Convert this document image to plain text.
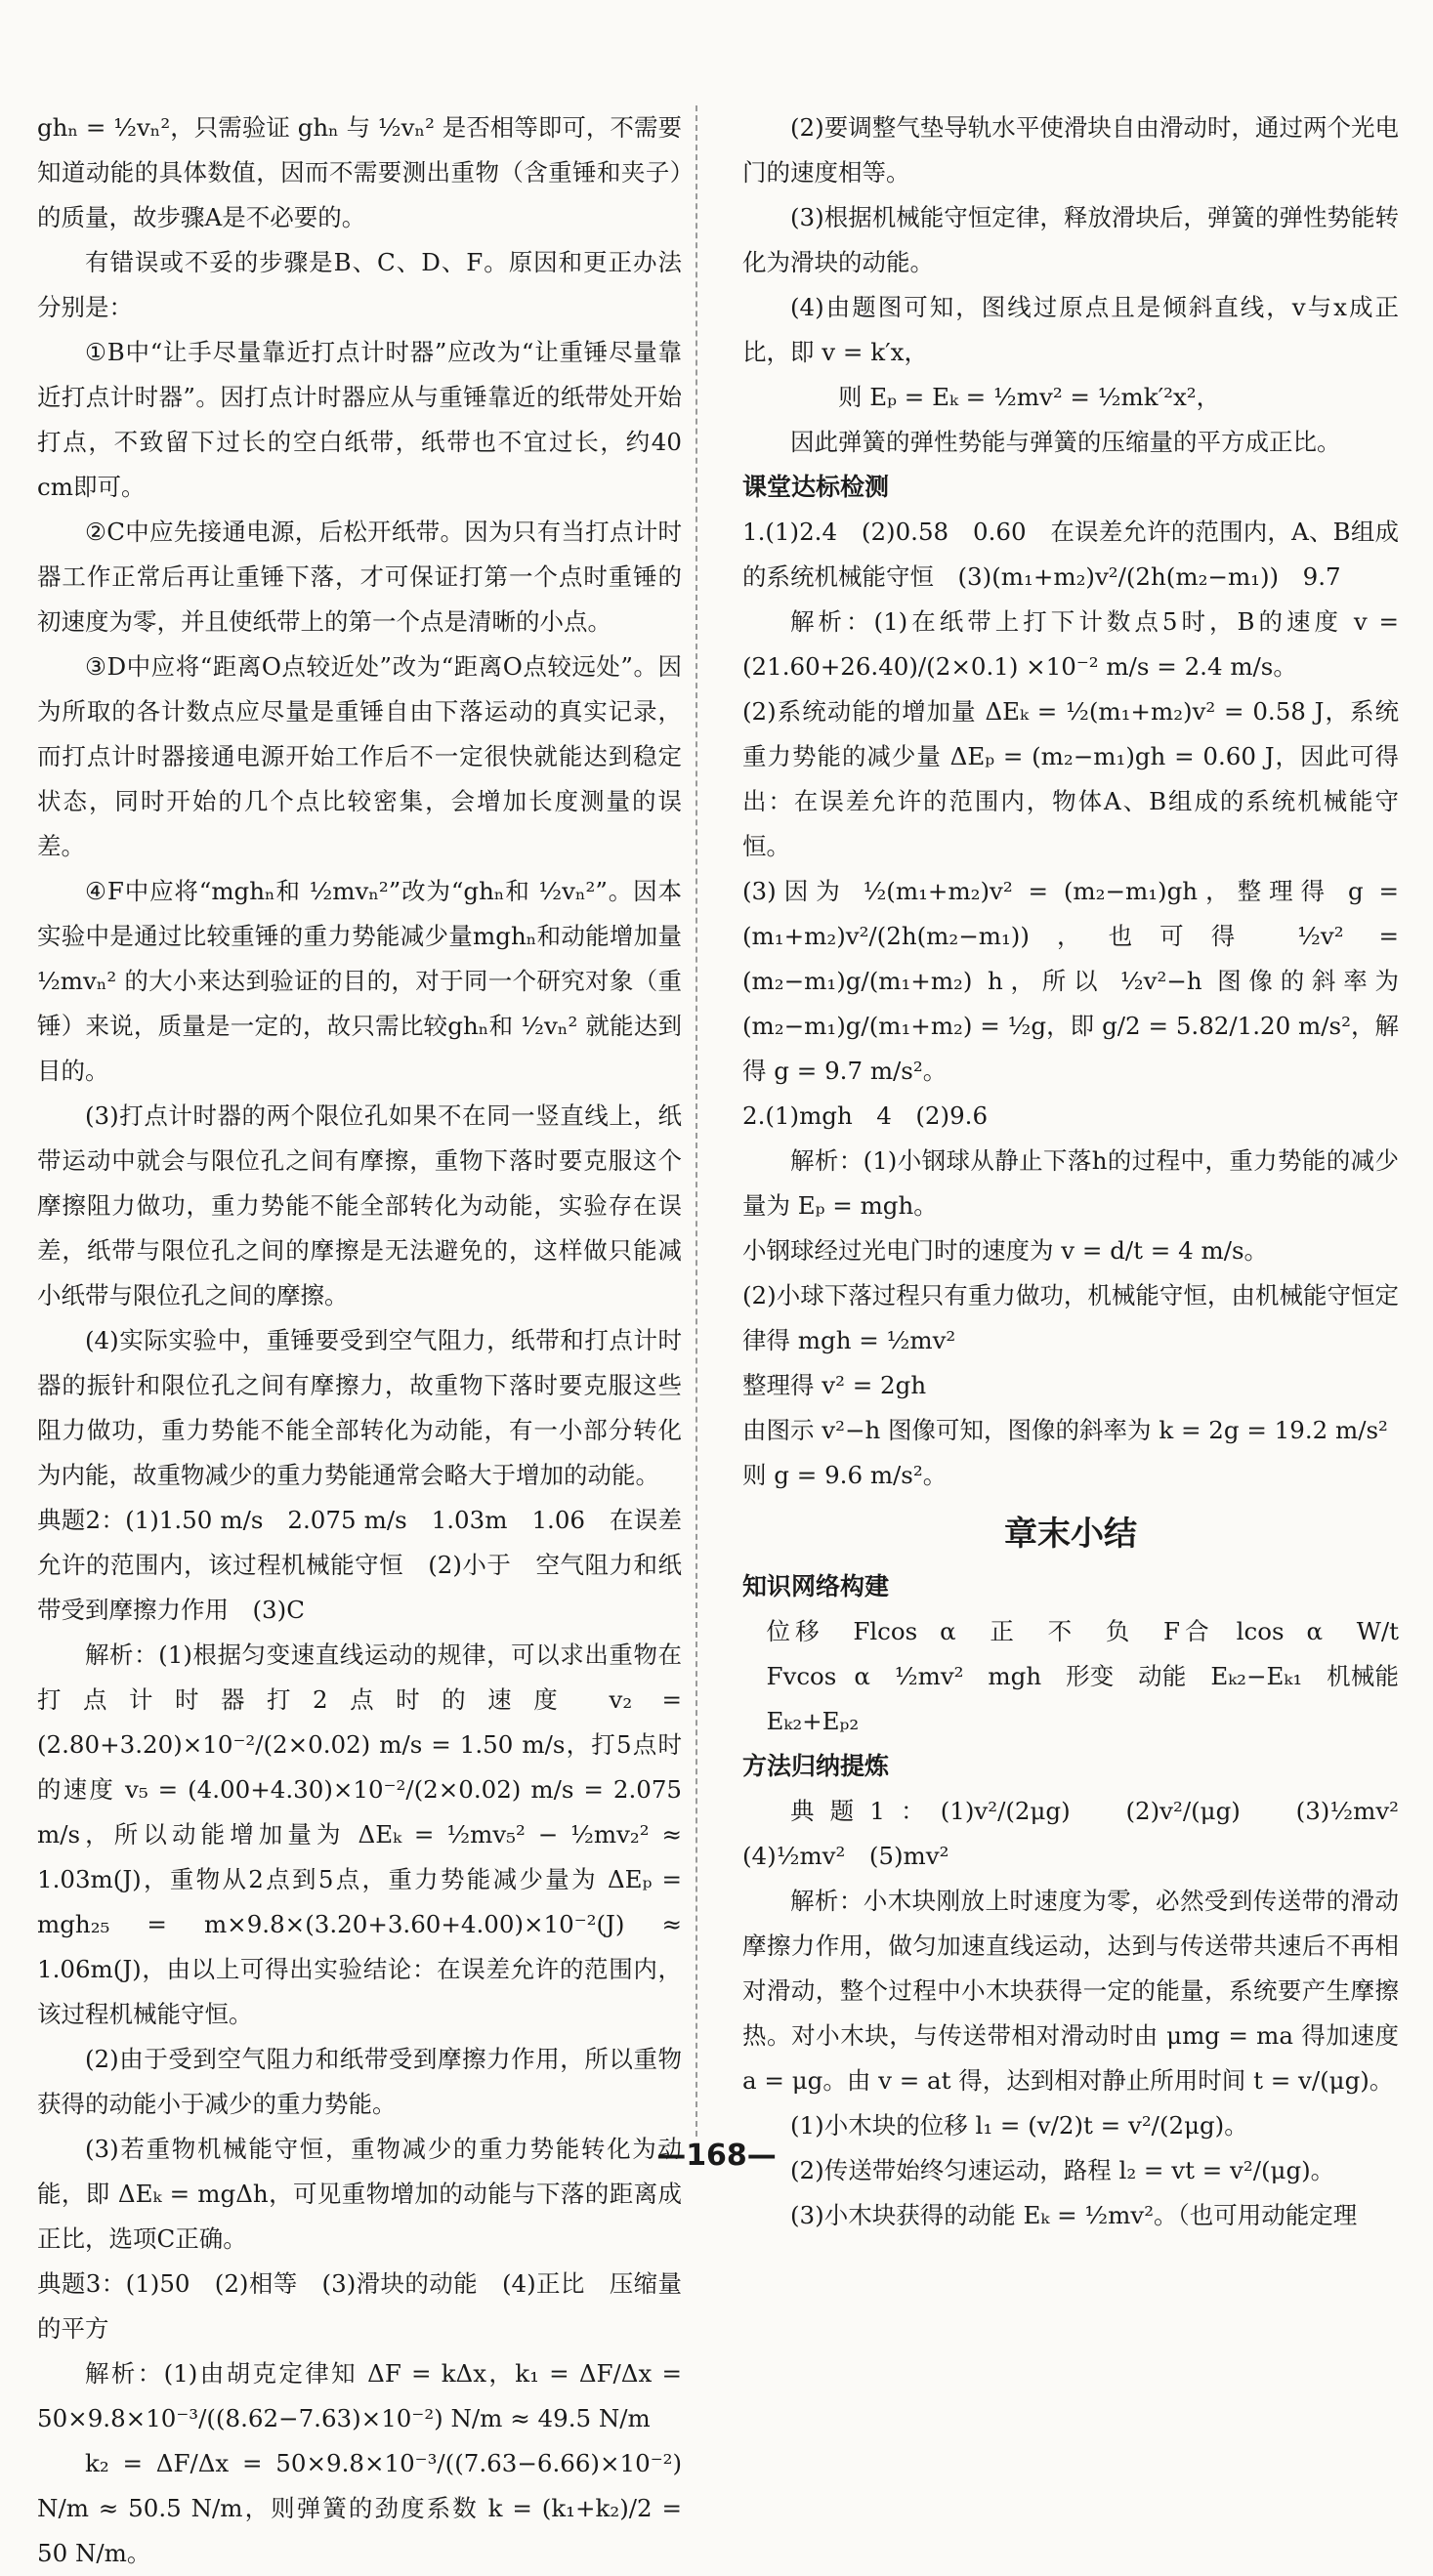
ghₙ = ½vₙ²，只需验证 ghₙ 与 ½vₙ² 是否相等即可，不需要知道动能的具体数值，因而不需要测出重物（含重锤和夹子）的质量，故步骤A是不必要的。

有错误或不妥的步骤是B、C、D、F。原因和更正办法分别是：

①B中“让手尽量靠近打点计时器”应改为“让重锤尽量靠近打点计时器”。因打点计时器应从与重锤靠近的纸带处开始打点，不致留下过长的空白纸带，纸带也不宜过长，约40 cm即可。

②C中应先接通电源，后松开纸带。因为只有当打点计时器工作正常后再让重锤下落，才可保证打第一个点时重锤的初速度为零，并且使纸带上的第一个点是清晰的小点。

③D中应将“距离O点较近处”改为“距离O点较远处”。因为所取的各计数点应尽量是重锤自由下落运动的真实记录，而打点计时器接通电源开始工作后不一定很快就能达到稳定状态，同时开始的几个点比较密集，会增加长度测量的误差。

④F中应将“mghₙ和 ½mvₙ²”改为“ghₙ和 ½vₙ²”。因本实验中是通过比较重锤的重力势能减少量mghₙ和动能增加量 ½mvₙ² 的大小来达到验证的目的，对于同一个研究对象（重锤）来说，质量是一定的，故只需比较ghₙ和 ½vₙ² 就能达到目的。

(3)打点计时器的两个限位孔如果不在同一竖直线上，纸带运动中就会与限位孔之间有摩擦，重物下落时要克服这个摩擦阻力做功，重力势能不能全部转化为动能，实验存在误差，纸带与限位孔之间的摩擦是无法避免的，这样做只能减小纸带与限位孔之间的摩擦。

(4)实际实验中，重锤要受到空气阻力，纸带和打点计时器的振针和限位孔之间有摩擦力，故重物下落时要克服这些阻力做功，重力势能不能全部转化为动能，有一小部分转化为内能，故重物减少的重力势能通常会略大于增加的动能。

典题2：(1)1.50 m/s　2.075 m/s　1.03m　1.06　在误差允许的范围内，该过程机械能守恒　(2)小于　空气阻力和纸带受到摩擦力作用　(3)C

解析：(1)根据匀变速直线运动的规律，可以求出重物在打点计时器打2点时的速度 v₂ = (2.80+3.20)×10⁻²/(2×0.02) m/s = 1.50 m/s，打5点时的速度 v₅ = (4.00+4.30)×10⁻²/(2×0.02) m/s = 2.075 m/s，所以动能增加量为 ΔEₖ = ½mv₅² − ½mv₂² ≈ 1.03m(J)，重物从2点到5点，重力势能减少量为 ΔEₚ = mgh₂₅ = m×9.8×(3.20+3.60+4.00)×10⁻²(J) ≈ 1.06m(J)，由以上可得出实验结论：在误差允许的范围内，该过程机械能守恒。

(2)由于受到空气阻力和纸带受到摩擦力作用，所以重物获得的动能小于减少的重力势能。

(3)若重物机械能守恒，重物减少的重力势能转化为动能，即 ΔEₖ = mgΔh，可见重物增加的动能与下落的距离成正比，选项C正确。

典题3：(1)50　(2)相等　(3)滑块的动能　(4)正比　压缩量的平方

解析：(1)由胡克定律知 ΔF = kΔx，k₁ = ΔF/Δx = 50×9.8×10⁻³/((8.62−7.63)×10⁻²) N/m ≈ 49.5 N/m

k₂ = ΔF/Δx = 50×9.8×10⁻³/((7.63−6.66)×10⁻²) N/m ≈ 50.5 N/m，则弹簧的劲度系数 k = (k₁+k₂)/2 = 50 N/m。

(2)要调整气垫导轨水平使滑块自由滑动时，通过两个光电门的速度相等。

(3)根据机械能守恒定律，释放滑块后，弹簧的弹性势能转化为滑块的动能。

(4)由题图可知，图线过原点且是倾斜直线，v与x成正比，即 v = k′x，

则 Eₚ = Eₖ = ½mv² = ½mk′²x²，

因此弹簧的弹性势能与弹簧的压缩量的平方成正比。

课堂达标检测

1.(1)2.4　(2)0.58　0.60　在误差允许的范围内，A、B组成的系统机械能守恒　(3)(m₁+m₂)v²/(2h(m₂−m₁))　9.7

解析：(1)在纸带上打下计数点5时，B的速度 v = (21.60+26.40)/(2×0.1) ×10⁻² m/s = 2.4 m/s。

(2)系统动能的增加量 ΔEₖ = ½(m₁+m₂)v² = 0.58 J，系统重力势能的减少量 ΔEₚ = (m₂−m₁)gh = 0.60 J，因此可得出：在误差允许的范围内，物体A、B组成的系统机械能守恒。

(3)因为 ½(m₁+m₂)v² = (m₂−m₁)gh，整理得 g = (m₁+m₂)v²/(2h(m₂−m₁))，也可得 ½v² = (m₂−m₁)g/(m₁+m₂) h，所以 ½v²−h 图像的斜率为 (m₂−m₁)g/(m₁+m₂) = ½g，即 g/2 = 5.82/1.20 m/s²，解得 g = 9.7 m/s²。

2.(1)mgh　4　(2)9.6

解析：(1)小钢球从静止下落h的过程中，重力势能的减少量为 Eₚ = mgh。

小钢球经过光电门时的速度为 v = d/t = 4 m/s。

(2)小球下落过程只有重力做功，机械能守恒，由机械能守恒定律得 mgh = ½mv²

整理得 v² = 2gh

由图示 v²−h 图像可知，图像的斜率为 k = 2g = 19.2 m/s²

则 g = 9.6 m/s²。

章末小结
知识网络构建
位移　Flcos α　正　不　负　F合 lcos α　W/t　Fvcos α　½mv²　mgh　形变　动能　Eₖ₂−Eₖ₁　机械能　Eₖ₂+Eₚ₂
方法归纳提炼

典题1：(1)v²/(2μg)　(2)v²/(μg)　(3)½mv²　(4)½mv²　(5)mv²

解析：小木块刚放上时速度为零，必然受到传送带的滑动摩擦力作用，做匀加速直线运动，达到与传送带共速后不再相对滑动，整个过程中小木块获得一定的能量，系统要产生摩擦热。对小木块，与传送带相对滑动时由 μmg = ma 得加速度 a = μg。由 v = at 得，达到相对静止所用时间 t = v/(μg)。

(1)小木块的位移 l₁ = (v/2)t = v²/(2μg)。

(2)传送带始终匀速运动，路程 l₂ = vt = v²/(μg)。

(3)小木块获得的动能 Eₖ = ½mv²。（也可用动能定理

—168—
